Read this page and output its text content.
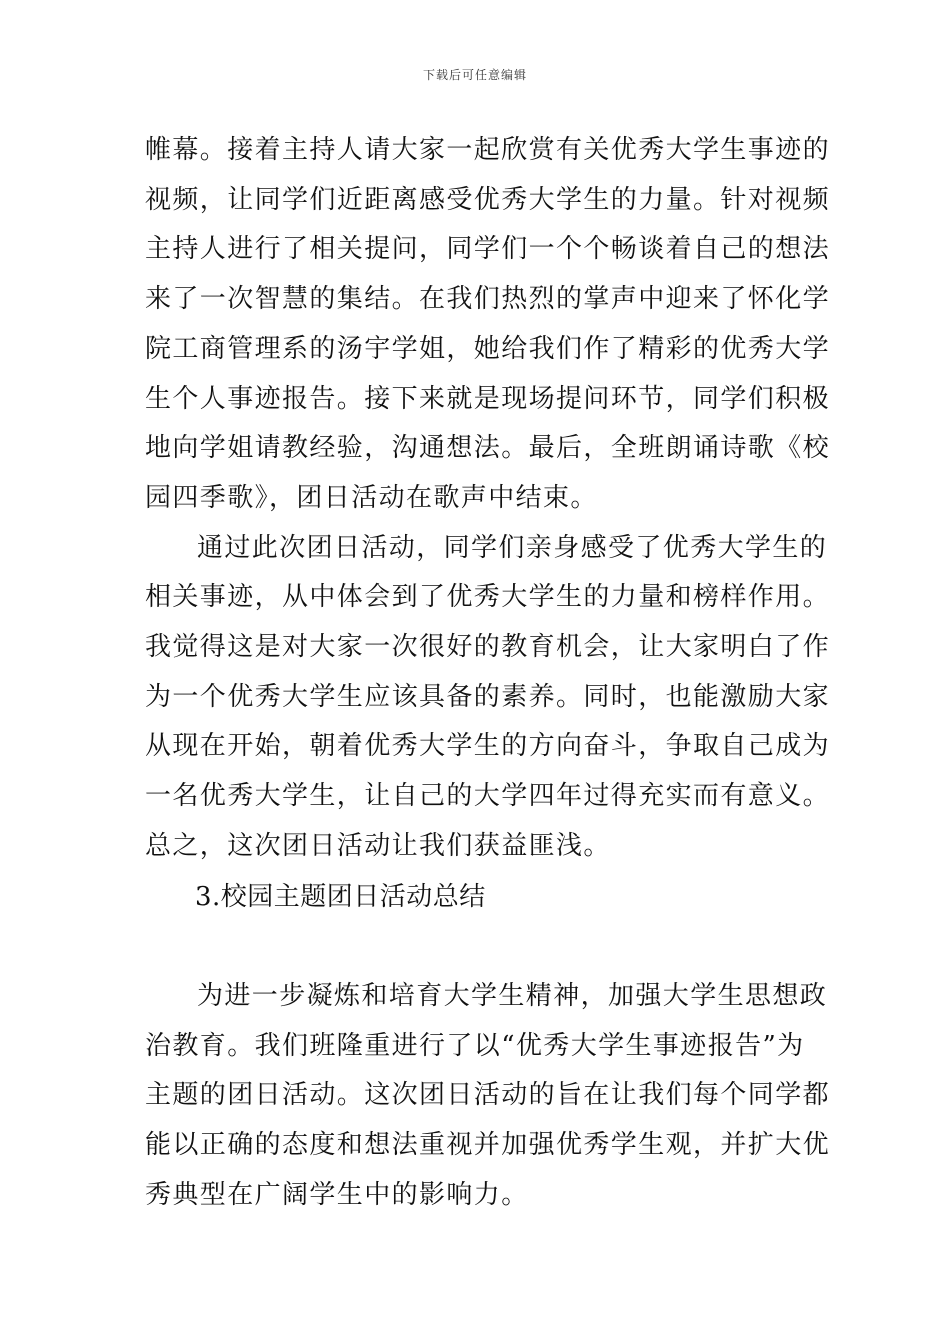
下载后可任意编辑
帷幕。接着主持人请大家一起欣赏有关优秀大学生事迹的
视频，让同学们近距离感受优秀大学生的力量。针对视频
主持人进行了相关提问，同学们一个个畅谈着自己的想法
来了一次智慧的集结。在我们热烈的掌声中迎来了怀化学
院工商管理系的汤宇学姐，她给我们作了精彩的优秀大学
生个人事迹报告。接下来就是现场提问环节，同学们积极
地向学姐请教经验，沟通想法。最后，全班朗诵诗歌《校
园四季歌》，团日活动在歌声中结束。
通过此次团日活动，同学们亲身感受了优秀大学生的
相关事迹，从中体会到了优秀大学生的力量和榜样作用。
我觉得这是对大家一次很好的教育机会，让大家明白了作
为一个优秀大学生应该具备的素养。同时，也能激励大家
从现在开始，朝着优秀大学生的方向奋斗，争取自己成为
一名优秀大学生，让自己的大学四年过得充实而有意义。
总之，这次团日活动让我们获益匪浅。
3.校园主题团日活动总结
为进一步凝炼和培育大学生精神，加强大学生思想政
治教育。我们班隆重进行了以“优秀大学生事迹报告”为
主题的团日活动。这次团日活动的旨在让我们每个同学都
能以正确的态度和想法重视并加强优秀学生观，并扩大优
秀典型在广阔学生中的影响力。
